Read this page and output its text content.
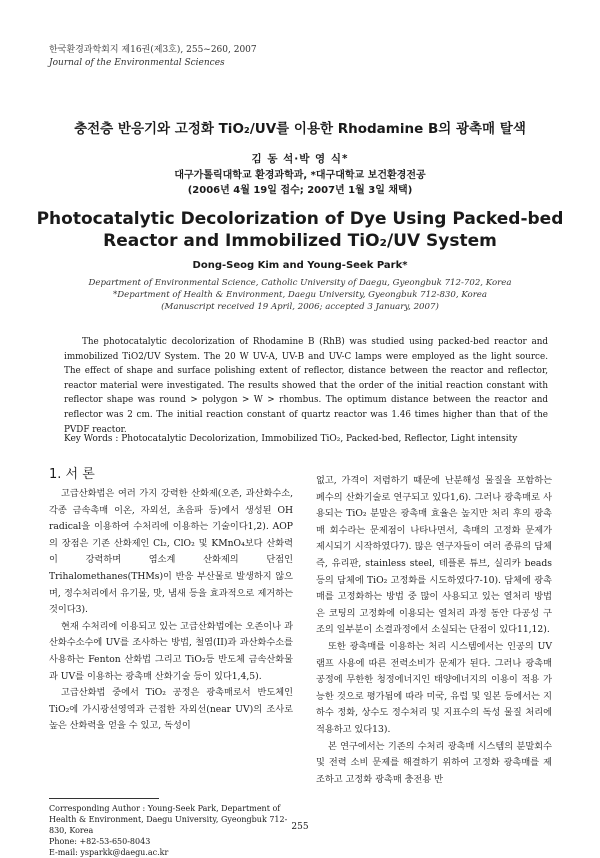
한국환경과학회지 제16권(제3호), 255~260, 2007
Journal of the Environmental Sciences
충전층 반응기와 고정화 TiO₂/UV를 이용한 Rhodamine B의 광촉매 탈색
김 동 석·박 영 식*
대구가톨릭대학교 환경과학과, *대구대학교 보건환경전공
(2006년 4월 19일 접수; 2007년 1월 3일 채택)
Photocatalytic Decolorization of Dye Using Packed-bed
Reactor and Immobilized TiO₂/UV System
Dong-Seog Kim and Young-Seek Park*
Department of Environmental Science, Catholic University of Daegu, Gyeongbuk 712-702, Korea
*Department of Health & Environment, Daegu University, Gyeongbuk 712-830, Korea
(Manuscript received 19 April, 2006; accepted 3 January, 2007)

The photocatalytic decolorization of Rhodamine B (RhB) was studied using packed-bed reactor and immobilized TiO2/UV System. The 20 W UV-A, UV-B and UV-C lamps were employed as the light source. The effect of shape and surface polishing extent of reflector, distance between the reactor and reflector, reactor material were investigated. The results showed that the order of the initial reaction constant with reflector shape was round > polygon > W > rhombus. The optimum distance between the reactor and reflector was 2 cm. The initial reaction constant of quartz reactor was 1.46 times higher than that of the PVDF reactor.

Key Words : Photocatalytic Decolorization, Immobilized TiO₂, Packed-bed, Reflector, Light intensity
1. 서 론

고급산화법은 여러 가지 강력한 산화제(오존, 과산화수소, 각종 금속촉매 이온, 자외선, 초음파 등)에서 생성된 OH radical을 이용하여 수처리에 이용하는 기술이다1,2). AOP의 장점은 기존 산화제인 Cl₂, ClO₂ 및 KMnO₄보다 산화력이 강력하며 염소계 산화제의 단점인 Trihalomethanes(THMs)이 반응 부산물로 발생하지 않으며, 정수처리에서 유기물, 맛, 냄새 등을 효과적으로 제거하는 것이다3).

현재 수처리에 이용되고 있는 고급산화법에는 오존이나 과산화수소수에 UV를 조사하는 방법, 철염(II)과 과산화수소를 사용하는 Fenton 산화법 그리고 TiO₂등 반도체 금속산화물과 UV를 이용하는 광촉매 산화기술 등이 있다1,4,5).

고급산화법 중에서 TiO₂ 공정은 광촉매로서 반도체인 TiO₂에 가시광선영역과 근접한 자외선(near UV)의 조사로 높은 산화력을 얻을 수 있고, 독성이

없고, 가격이 저렴하기 때문에 난분해성 물질을 포함하는 폐수의 산화기술로 연구되고 있다1,6). 그러나 광촉매로 사용되는 TiO₂ 분말은 광촉매 효율은 높지만 처리 후의 광촉매 회수라는 문제점이 나타나면서, 촉매의 고정화 문제가 제시되기 시작하였다7). 많은 연구자들이 여러 종류의 담체 즉, 유리판, stainless steel, 테플론 튜브, 실리카 beads 등의 담체에 TiO₂ 고정화를 시도하였다7-10). 담체에 광촉매를 고정화하는 방법 중 많이 사용되고 있는 열처리 방법은 코팅의 고정화에 이용되는 열처리 과정 동안 다공성 구조의 일부분이 소결과정에서 소실되는 단점이 있다11,12).

또한 광촉매를 이용하는 처리 시스템에서는 인공의 UV램프 사용에 따른 전력소비가 문제가 된다. 그러나 광촉매 공정에 무한한 청정에너지인 태양에너지의 이용이 적용 가능한 것으로 평가됨에 따라 미국, 유럽 및 일본 등에서는 지하수 정화, 상수도 정수처리 및 지표수의 독성 물질 처리에 적용하고 있다13).

본 연구에서는 기존의 수처리 광촉매 시스템의 분말회수 및 전력 소비 문제를 해결하기 위하여 고정화 광촉매를 제조하고 고정화 광촉매 충전용 반

Corresponding Author : Young-Seek Park, Department of Health & Environment, Daegu University, Gyeongbuk 712-830, Korea
Phone: +82-53-650-8043
E-mail: ysparkk@daegu.ac.kr
255
